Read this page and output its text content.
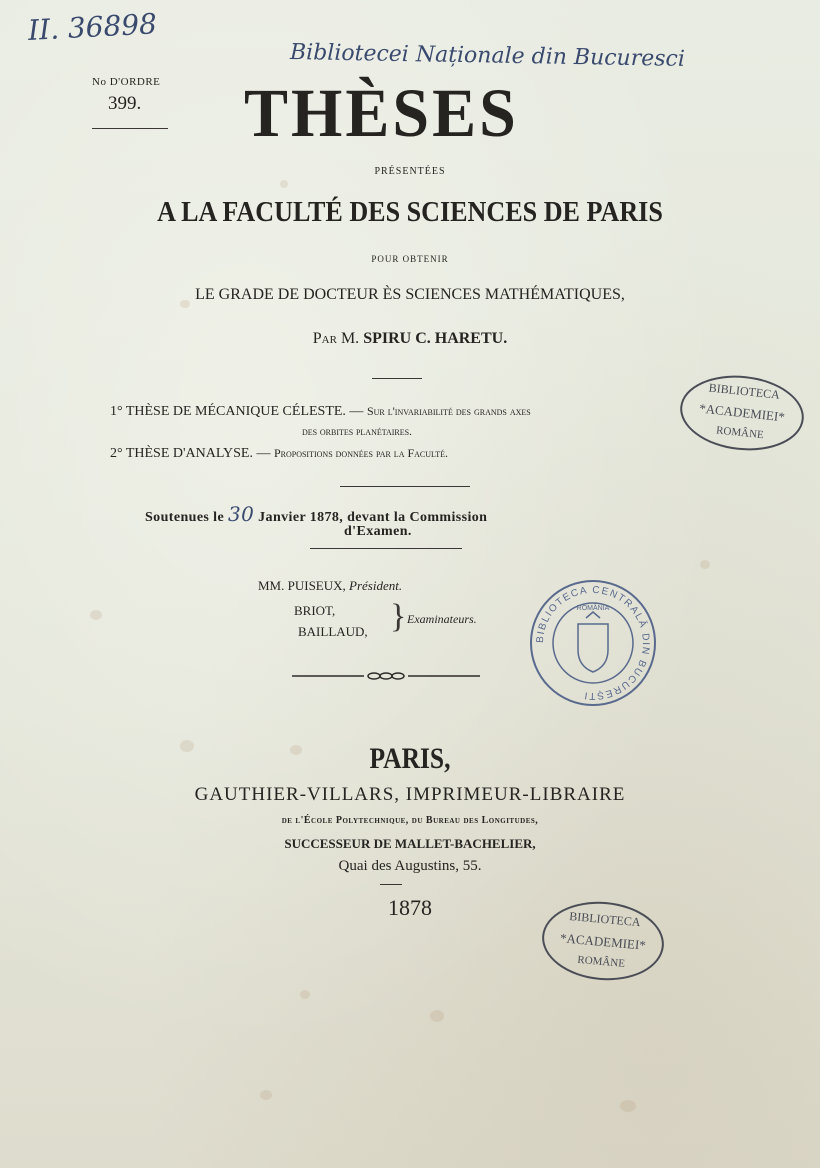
II. 36898
Bibliotecei Naționale din Bucuresci
No D'ORDRE
399. THÈSES
PRÉSENTÉES
A LA FACULTÉ DES SCIENCES DE PARIS
POUR OBTENIR
LE GRADE DE DOCTEUR ÈS SCIENCES MATHÉMATIQUES,
Par M. SPIRU C. HARETU.
1° THÈSE DE MÉCANIQUE CÉLESTE. — Sur l'invariabilité des grands axes
des orbites planétaires.
2° THÈSE D'ANALYSE. — Propositions données par la Faculté.
Soutenues le 30 Janvier 1878, devant la Commission
d'Examen.
MM. PUISEUX, Président.
BRIOT,
BAILLAUD, } Examinateurs.
PARIS,
GAUTHIER-VILLARS, IMPRIMEUR-LIBRAIRE
de l'École Polytechnique, du Bureau des Longitudes,
SUCCESSEUR DE MALLET-BACHELIER,
Quai des Augustins, 55.
1878
BIBLIOTECA
*ACADEMIEI*
ROMÂNE
BIBLIOTECA
*ACADEMIEI*
ROMÂNE
BIBLIOTECA CENTRALĂ DIN BUCUREȘTI
ROMÂNIA
